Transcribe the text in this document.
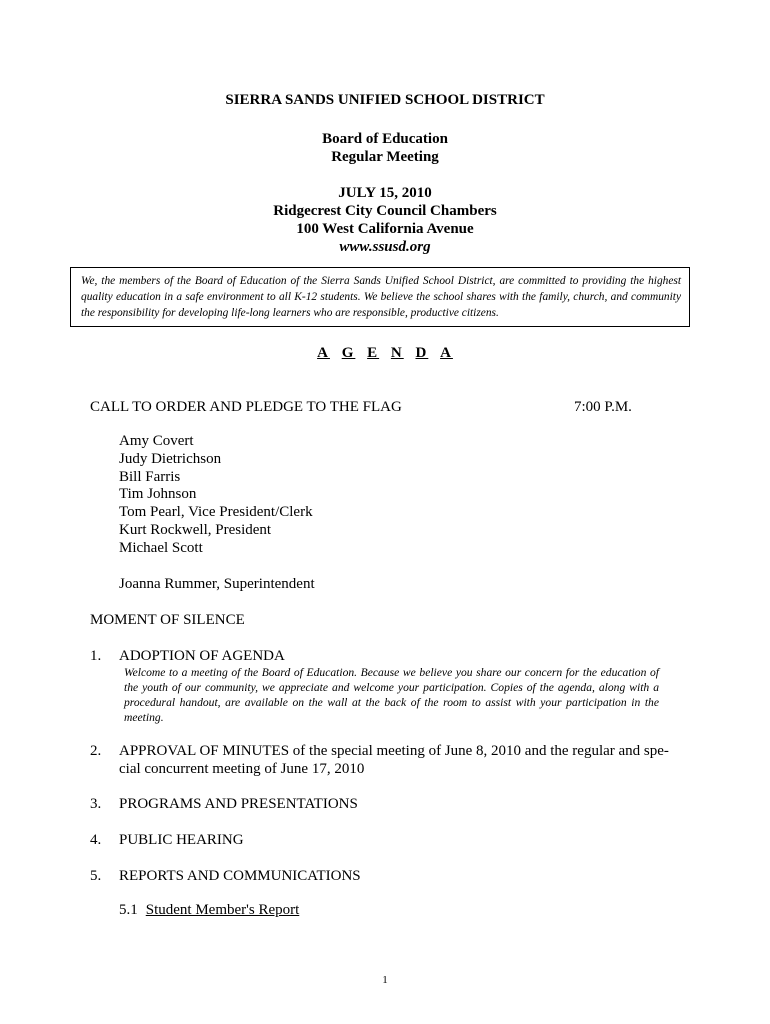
SIERRA SANDS UNIFIED SCHOOL DISTRICT
Board of Education
Regular Meeting
JULY 15, 2010
Ridgecrest City Council Chambers
100 West California Avenue
www.ssusd.org
We, the members of the Board of Education of the Sierra Sands Unified School District, are committed to providing the highest quality education in a safe environment to all K-12 students. We believe the school shares with the family, church, and community the responsibility for developing life-long learners who are responsible, productive citizens.
A G E N D A
CALL TO ORDER AND PLEDGE TO THE FLAG	7:00 P.M.
Amy Covert
Judy Dietrichson
Bill Farris
Tim Johnson
Tom Pearl, Vice President/Clerk
Kurt Rockwell, President
Michael Scott
Joanna Rummer, Superintendent
MOMENT OF SILENCE
1. ADOPTION OF AGENDA
Welcome to a meeting of the Board of Education. Because we believe you share our concern for the education of the youth of our community, we appreciate and welcome your participation. Copies of the agenda, along with a procedural handout, are available on the wall at the back of the room to assist with your participation in the meeting.
2. APPROVAL OF MINUTES of the special meeting of June 8, 2010 and the regular and spe-cial concurrent meeting of June 17, 2010
3. PROGRAMS AND PRESENTATIONS
4. PUBLIC HEARING
5. REPORTS AND COMMUNICATIONS
5.1 Student Member's Report
1
